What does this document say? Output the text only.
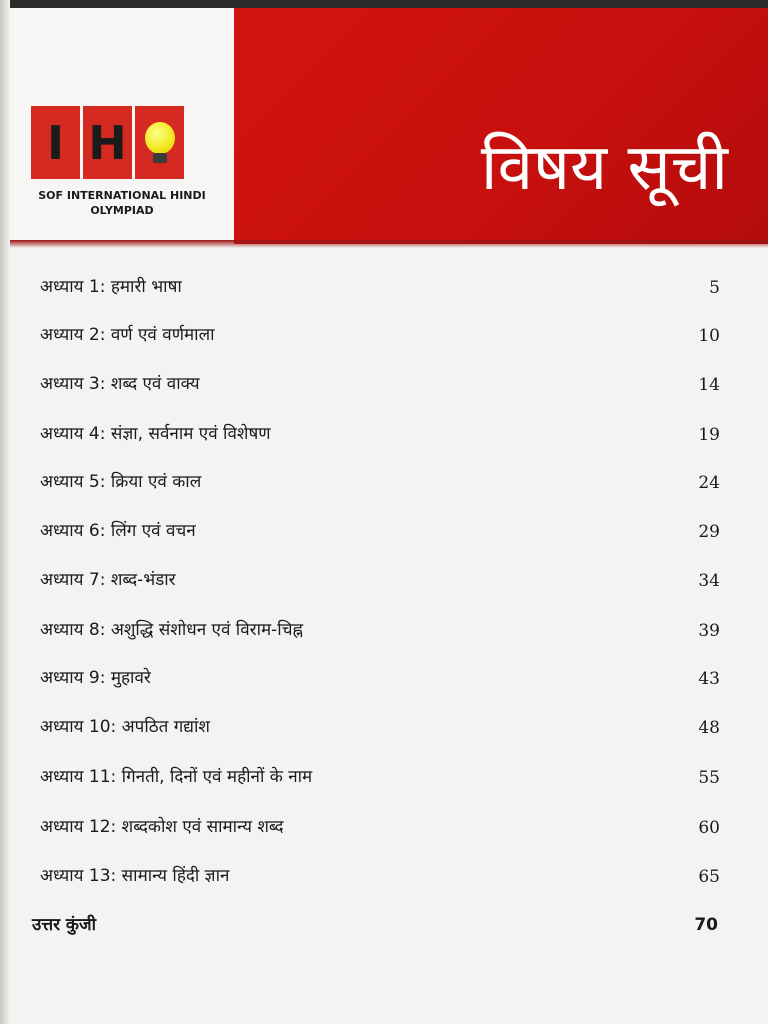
I H
SOF INTERNATIONAL HINDI
OLYMPIAD
विषय सूची
अध्याय 1: हमारी भाषा	5
अध्याय 2: वर्ण एवं वर्णमाला	10
अध्याय 3: शब्द एवं वाक्य	14
अध्याय 4: संज्ञा, सर्वनाम एवं विशेषण	19
अध्याय 5: क्रिया एवं काल	24
अध्याय 6: लिंग एवं वचन	29
अध्याय 7: शब्द-भंडार	34
अध्याय 8: अशुद्धि संशोधन एवं विराम-चिह्न	39
अध्याय 9: मुहावरे	43
अध्याय 10: अपठित गद्यांश	48
अध्याय 11: गिनती, दिनों एवं महीनों के नाम	55
अध्याय 12: शब्दकोश एवं सामान्य शब्द	60
अध्याय 13: सामान्य हिंदी ज्ञान	65
उत्तर कुंजी	70
